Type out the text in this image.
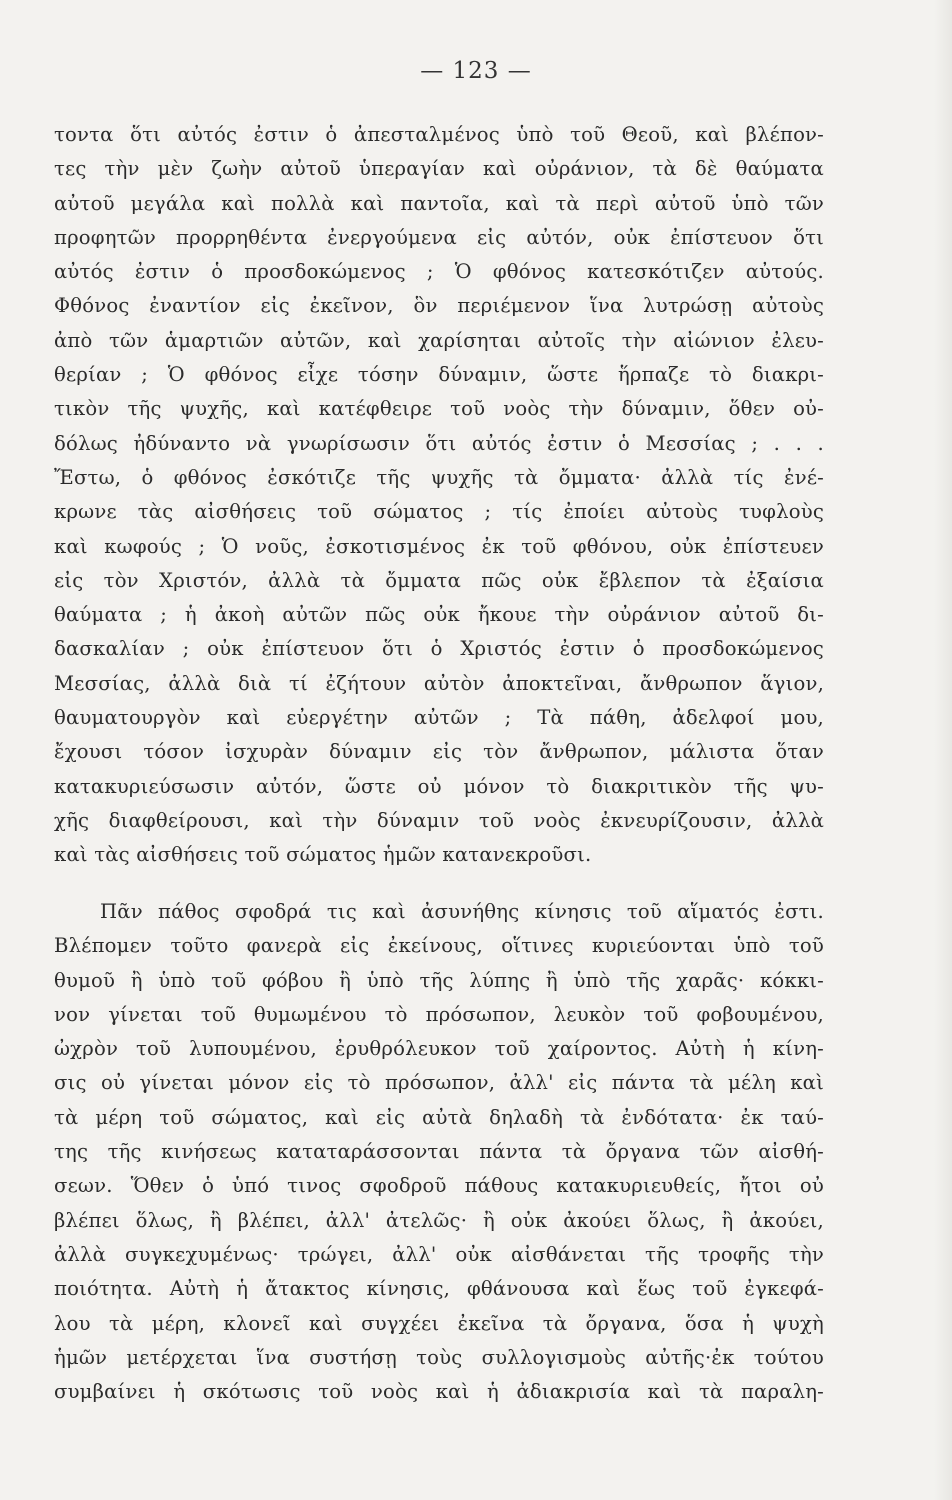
— 123 —
τοντα ὅτι αὐτός ἐστιν ὁ ἀπεσταλμένος ὑπὸ τοῦ Θεοῦ, καὶ βλέπον-
τες τὴν μὲν ζωὴν αὐτοῦ ὑπεραγίαν καὶ οὐράνιον, τὰ δὲ θαύματα
αὐτοῦ μεγάλα καὶ πολλὰ καὶ παντοῖα, καὶ τὰ περὶ αὐτοῦ ὑπὸ τῶν
προφητῶν προρρηθέντα ἐνεργούμενα εἰς αὐτόν, οὐκ ἐπίστευον ὅτι
αὐτός ἐστιν ὁ προσδοκώμενος ; Ὁ φθόνος κατεσκότιζεν αὐτούς.
Φθόνος ἐναντίον εἰς ἐκεῖνον, ὃν περιέμενον ἵνα λυτρώσῃ αὐτοὺς
ἀπὸ τῶν ἁμαρτιῶν αὐτῶν, καὶ χαρίσηται αὐτοῖς τὴν αἰώνιον ἐλευ-
θερίαν ; Ὁ φθόνος εἶχε τόσην δύναμιν, ὥστε ἥρπαζε τὸ διακρι-
τικὸν τῆς ψυχῆς, καὶ κατέφθειρε τοῦ νοὸς τὴν δύναμιν, ὅθεν οὐ-
δόλως ἠδύναντο νὰ γνωρίσωσιν ὅτι αὐτός ἐστιν ὁ Μεσσίας ; . . .
Ἔστω, ὁ φθόνος ἐσκότιζε τῆς ψυχῆς τὰ ὄμματα· ἀλλὰ τίς ἐνέ-
κρωνε τὰς αἰσθήσεις τοῦ σώματος ; τίς ἐποίει αὐτοὺς τυφλοὺς
καὶ κωφούς ; Ὁ νοῦς, ἐσκοτισμένος ἐκ τοῦ φθόνου, οὐκ ἐπίστευεν
εἰς τὸν Χριστόν, ἀλλὰ τὰ ὄμματα πῶς οὐκ ἔβλεπον τὰ ἐξαίσια
θαύματα ; ἡ ἀκοὴ αὐτῶν πῶς οὐκ ἤκουε τὴν οὐράνιον αὐτοῦ δι-
δασκαλίαν ; οὐκ ἐπίστευον ὅτι ὁ Χριστός ἐστιν ὁ προσδοκώμενος
Μεσσίας, ἀλλὰ διὰ τί ἐζήτουν αὐτὸν ἀποκτεῖναι, ἄνθρωπον ἅγιον,
θαυματουργὸν καὶ εὐεργέτην αὐτῶν ; Τὰ πάθη, ἀδελφοί μου,
ἔχουσι τόσον ἰσχυρὰν δύναμιν εἰς τὸν ἄνθρωπον, μάλιστα ὅταν
κατακυριεύσωσιν αὐτόν, ὥστε οὐ μόνον τὸ διακριτικὸν τῆς ψυ-
χῆς διαφθείρουσι, καὶ τὴν δύναμιν τοῦ νοὸς ἐκνευρίζουσιν, ἀλλὰ
καὶ τὰς αἰσθήσεις τοῦ σώματος ἡμῶν κατανεκροῦσι.
Πᾶν πάθος σφοδρά τις καὶ ἀσυνήθης κίνησις τοῦ αἵματός ἐστι.
Βλέπομεν τοῦτο φανερὰ εἰς ἐκείνους, οἵτινες κυριεύονται ὑπὸ τοῦ
θυμοῦ ἢ ὑπὸ τοῦ φόβου ἢ ὑπὸ τῆς λύπης ἢ ὑπὸ τῆς χαρᾶς· κόκκι-
νον γίνεται τοῦ θυμωμένου τὸ πρόσωπον, λευκὸν τοῦ φοβουμένου,
ὠχρὸν τοῦ λυπουμένου, ἐρυθρόλευκον τοῦ χαίροντος. Αὐτὴ ἡ κίνη-
σις οὐ γίνεται μόνον εἰς τὸ πρόσωπον, ἀλλ' εἰς πάντα τὰ μέλη καὶ
τὰ μέρη τοῦ σώματος, καὶ εἰς αὐτὰ δηλαδὴ τὰ ἐνδότατα· ἐκ ταύ-
της τῆς κινήσεως καταταράσσονται πάντα τὰ ὄργανα τῶν αἰσθή-
σεων. Ὅθεν ὁ ὑπό τινος σφοδροῦ πάθους κατακυριευθείς, ἤτοι οὐ
βλέπει ὅλως, ἢ βλέπει, ἀλλ' ἀτελῶς· ἢ οὐκ ἀκούει ὅλως, ἢ ἀκούει,
ἀλλὰ συγκεχυμένως· τρώγει, ἀλλ' οὐκ αἰσθάνεται τῆς τροφῆς τὴν
ποιότητα. Αὐτὴ ἡ ἄτακτος κίνησις, φθάνουσα καὶ ἕως τοῦ ἐγκεφά-
λου τὰ μέρη, κλονεῖ καὶ συγχέει ἐκεῖνα τὰ ὄργανα, ὅσα ἡ ψυχὴ
ἡμῶν μετέρχεται ἵνα συστήσῃ τοὺς συλλογισμοὺς αὐτῆς·ἐκ τούτου
συμβαίνει ἡ σκότωσις τοῦ νοὸς καὶ ἡ ἀδιακρισία καὶ τὰ παραλη-
